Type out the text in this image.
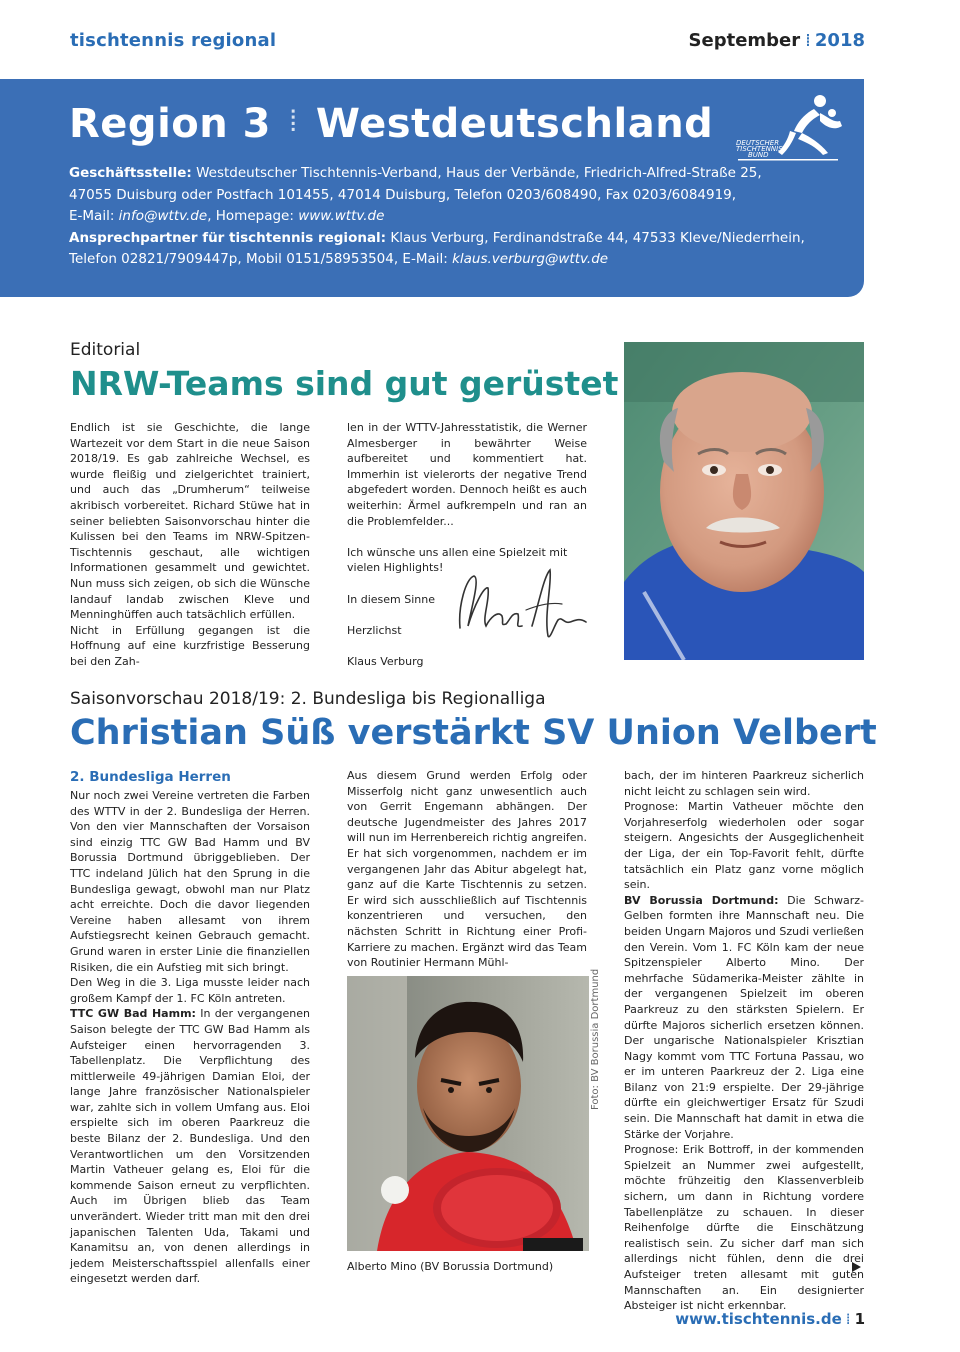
tischtennis regional	September ⁞ 2018
Region 3 ⁞ Westdeutschland	DEUTSCHER
TISCHTENNIS
BUND
Geschäftsstelle: Westdeutscher Tischtennis-Verband, Haus der Verbände, Friedrich-Alfred-Straße 25,
47055 Duisburg oder Postfach 101455, 47014 Duisburg, Telefon 0203/608490, Fax 0203/6084919,
E-Mail: info@wttv.de, Homepage: www.wttv.de
Ansprechpartner für tischtennis regional: Klaus Verburg, Ferdinandstraße 44, 47533 Kleve/Niederrhein,
Telefon 02821/7909447p, Mobil 0151/58953504, E-Mail: klaus.verburg@wttv.de
Editorial
NRW-Teams sind gut gerüstet

Endlich ist sie Geschichte, die lange Wartezeit vor dem Start in die neue Saison 2018/19. Es gab zahlreiche Wechsel, es wurde fleißig und zielgerichtet trainiert, und auch das „Drumherum“ teilweise akribisch vorbereitet. Richard Stüwe hat in seiner beliebten Saisonvorschau hinter die Kulissen bei den Teams im NRW-Spitzen-Tischtennis geschaut, alle wichtigen Informationen gesammelt und gewichtet. Nun muss sich zeigen, ob sich die Wünsche landauf landab zwischen Kleve und Menninghüffen auch tatsächlich erfüllen.

Nicht in Erfüllung gegangen ist die Hoffnung auf eine kurzfristige Besserung bei den Zah-

len in der WTTV-Jahresstatistik, die Werner Almesberger in bewährter Weise aufbereitet und kommentiert hat. Immerhin ist vielerorts der negative Trend abgefedert worden. Dennoch heißt es auch weiterhin: Ärmel aufkrempeln und ran an die Problemfelder...

Ich wünsche uns allen eine Spielzeit mit vielen Highlights!

In diesem Sinne

Herzlichst

Klaus Verburg

Saisonvorschau 2018/19: 2. Bundesliga bis Regionalliga
Christian Süß verstärkt SV Union Velbert
2. Bundesliga Herren

Nur noch zwei Vereine vertreten die Farben des WTTV in der 2. Bundesliga der Herren. Von den vier Mannschaften der Vorsaison sind einzig TTC GW Bad Hamm und BV Borussia Dortmund übriggeblieben. Der TTC indeland Jülich hat den Sprung in die Bundesliga gewagt, obwohl man nur Platz acht erreichte. Doch die davor liegenden Vereine haben allesamt von ihrem Aufstiegsrecht keinen Gebrauch gemacht. Grund waren in erster Linie die finanziellen Risiken, die ein Aufstieg mit sich bringt.

Den Weg in die 3. Liga musste leider nach großem Kampf der 1. FC Köln antreten.

TTC GW Bad Hamm: In der vergangenen Saison belegte der TTC GW Bad Hamm als Aufsteiger einen hervorragenden 3. Tabellenplatz. Die Verpflichtung des mittlerweile 49-jährigen Damian Eloi, der lange Jahre französischer Nationalspieler war, zahlte sich in vollem Umfang aus. Eloi erspielte sich im oberen Paarkreuz die beste Bilanz der 2. Bundesliga. Und den Verantwortlichen um den Vorsitzenden Martin Vatheuer gelang es, Eloi für die kommende Saison erneut zu verpflichten. Auch im Übrigen blieb das Team unverändert. Wieder tritt man mit den drei japanischen Talenten Uda, Takami und Kanamitsu an, von denen allerdings in jedem Meisterschaftsspiel allenfalls einer eingesetzt werden darf.

Aus diesem Grund werden Erfolg oder Misserfolg nicht ganz unwesentlich auch von Gerrit Engemann abhängen. Der deutsche Jugendmeister des Jahres 2017 will nun im Herrenbereich richtig angreifen. Er hat sich vorgenommen, nachdem er im vergangenen Jahr das Abitur abgelegt hat, ganz auf die Karte Tischtennis zu setzen. Er wird sich ausschließlich auf Tischtennis konzentrieren und versuchen, den nächsten Schritt in Richtung einer Profi-Karriere zu machen. Ergänzt wird das Team von Routinier Hermann Mühl-

Foto: BV Borussia Dortmund
Alberto Mino (BV Borussia Dortmund)

bach, der im hinteren Paarkreuz sicherlich nicht leicht zu schlagen sein wird.

Prognose: Martin Vatheuer möchte den Vorjahreserfolg wiederholen oder sogar steigern. Angesichts der Ausgeglichenheit der Liga, der ein Top-Favorit fehlt, dürfte tatsächlich ein Platz ganz vorne möglich sein.

BV Borussia Dortmund: Die Schwarz-Gelben formten ihre Mannschaft neu. Die beiden Ungarn Majoros und Szudi verließen den Verein. Vom 1. FC Köln kam der neue Spitzenspieler Alberto Mino. Der mehrfache Südamerika-Meister zählte in der vergangenen Spielzeit im oberen Paarkreuz zu den stärksten Spielern. Er dürfte Majoros sicherlich ersetzen können. Der ungarische Nationalspieler Krisztian Nagy kommt vom TTC Fortuna Passau, wo er im unteren Paarkreuz der 2. Liga eine Bilanz von 21:9 erspielte. Der 29-jährige dürfte ein gleichwertiger Ersatz für Szudi sein. Die Mannschaft hat damit in etwa die Stärke der Vorjahre.

Prognose: Erik Bottroff, in der kommenden Spielzeit an Nummer zwei aufgestellt, möchte frühzeitig den Klassenverbleib sichern, um dann in Richtung vordere Tabellenplätze zu schauen. In dieser Reihenfolge dürfte die Einschätzung realistisch sein. Zu sicher darf man sich allerdings nicht fühlen, denn die drei Aufsteiger treten allesamt mit guten Mannschaften an. Ein designierter Absteiger ist nicht erkennbar.

www.tischtennis.de ⁞ 1
